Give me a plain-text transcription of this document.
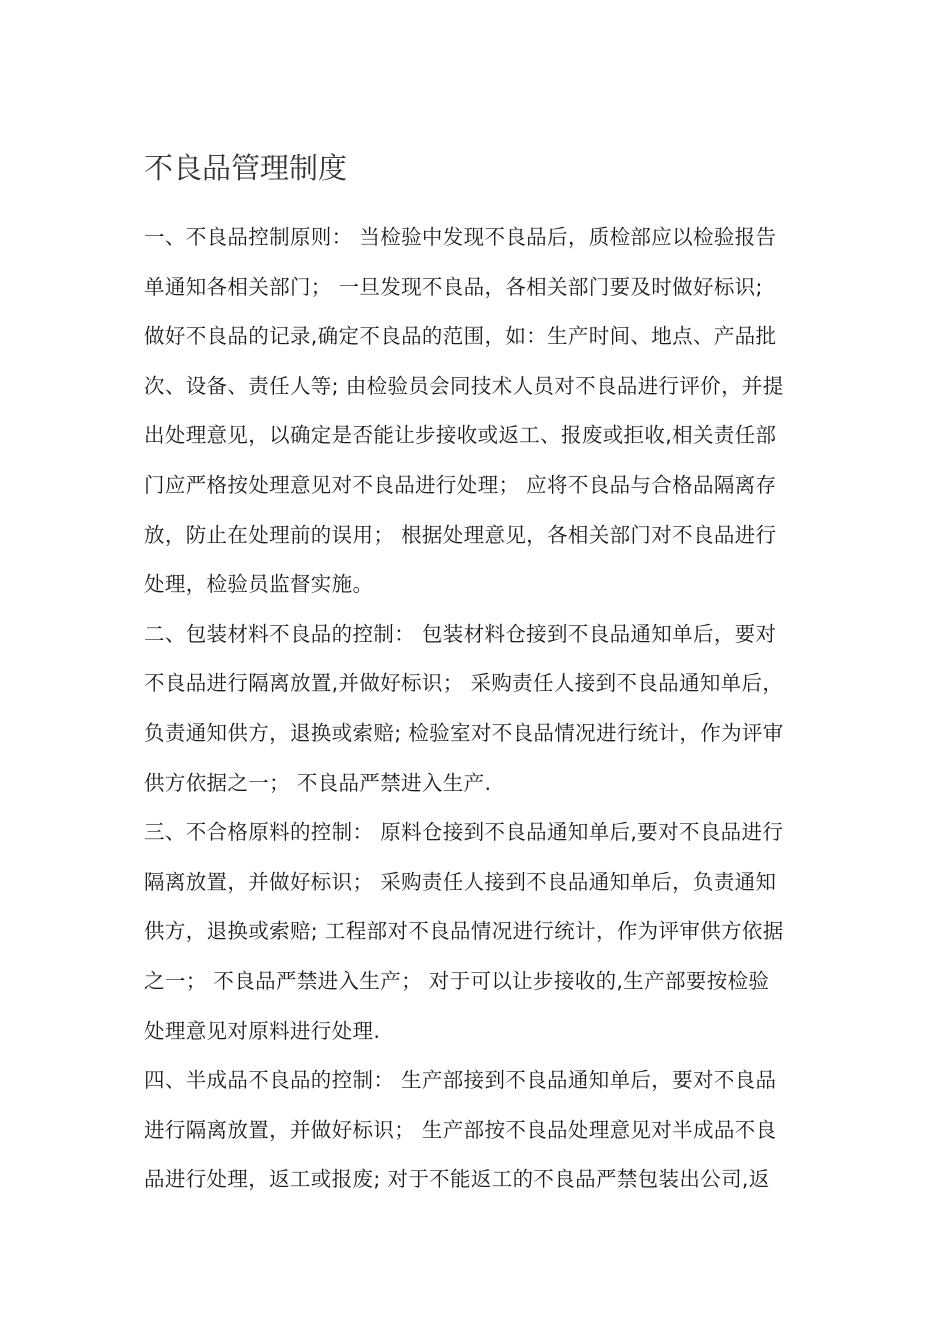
不良品管理制度
一、不良品控制原则： 当检验中发现不良品后，质检部应以检验报告
单通知各相关部门； 一旦发现不良品，各相关部门要及时做好标识;
做好不良品的记录,确定不良品的范围，如：生产时间、地点、产品批
次、设备、责任人等; 由检验员会同技术人员对不良品进行评价，并提
出处理意见，以确定是否能让步接收或返工、报废或拒收,相关责任部
门应严格按处理意见对不良品进行处理； 应将不良品与合格品隔离存
放，防止在处理前的误用； 根据处理意见，各相关部门对不良品进行
处理，检验员监督实施。
二、包装材料不良品的控制： 包装材料仓接到不良品通知单后，要对
不良品进行隔离放置,并做好标识； 采购责任人接到不良品通知单后，
负责通知供方，退换或索赔; 检验室对不良品情况进行统计，作为评审
供方依据之一； 不良品严禁进入生产.
三、不合格原料的控制： 原料仓接到不良品通知单后,要对不良品进行
隔离放置，并做好标识； 采购责任人接到不良品通知单后，负责通知
供方，退换或索赔; 工程部对不良品情况进行统计，作为评审供方依据
之一； 不良品严禁进入生产； 对于可以让步接收的,生产部要按检验
处理意见对原料进行处理.
四、半成品不良品的控制： 生产部接到不良品通知单后，要对不良品
进行隔离放置，并做好标识； 生产部按不良品处理意见对半成品不良
品进行处理，返工或报废; 对于不能返工的不良品严禁包装出公司,返
